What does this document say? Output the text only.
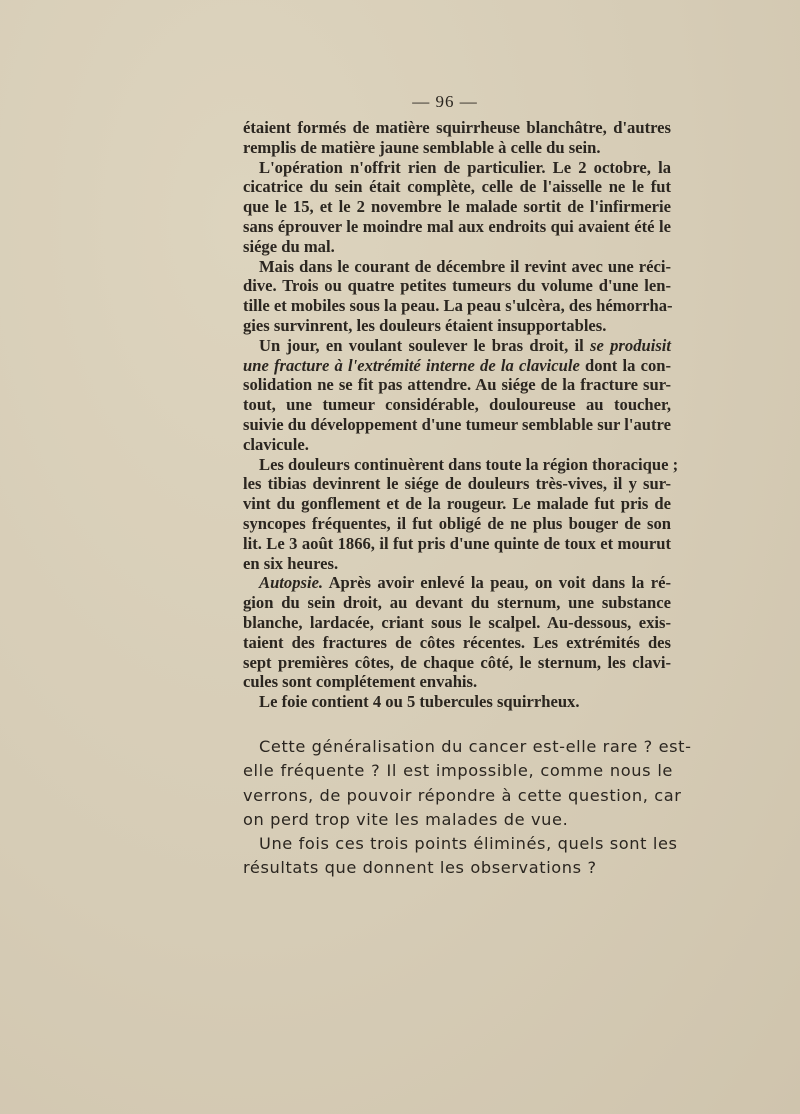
— 96 —
étaient formés de matière squirrheuse blanchâtre, d'autres
remplis de matière jaune semblable à celle du sein.
L'opération n'offrit rien de particulier. Le 2 octobre, la
cicatrice du sein était complète, celle de l'aisselle ne le fut
que le 15, et le 2 novembre le malade sortit de l'infirmerie
sans éprouver le moindre mal aux endroits qui avaient été le
siége du mal.
Mais dans le courant de décembre il revint avec une réci-
dive. Trois ou quatre petites tumeurs du volume d'une len-
tille et mobiles sous la peau. La peau s'ulcèra, des hémorrha-
gies survinrent, les douleurs étaient insupportables.
Un jour, en voulant soulever le bras droit, il se produisit
une fracture à l'extrémité interne de la clavicule dont la con-
solidation ne se fit pas attendre. Au siége de la fracture sur-
tout, une tumeur considérable, douloureuse au toucher,
suivie du développement d'une tumeur semblable sur l'autre
clavicule.
Les douleurs continuèrent dans toute la région thoracique ;
les tibias devinrent le siége de douleurs très-vives, il y sur-
vint du gonflement et de la rougeur. Le malade fut pris de
syncopes fréquentes, il fut obligé de ne plus bouger de son
lit. Le 3 août 1866, il fut pris d'une quinte de toux et mourut
en six heures.
Autopsie. Après avoir enlevé la peau, on voit dans la ré-
gion du sein droit, au devant du sternum, une substance
blanche, lardacée, criant sous le scalpel. Au-dessous, exis-
taient des fractures de côtes récentes. Les extrémités des
sept premières côtes, de chaque côté, le sternum, les clavi-
cules sont complétement envahis.
Le foie contient 4 ou 5 tubercules squirrheux.
Cette généralisation du cancer est-elle rare ? est-
elle fréquente ? Il est impossible, comme nous le
verrons, de pouvoir répondre à cette question, car
on perd trop vite les malades de vue.
Une fois ces trois points éliminés, quels sont les
résultats que donnent les observations ?
